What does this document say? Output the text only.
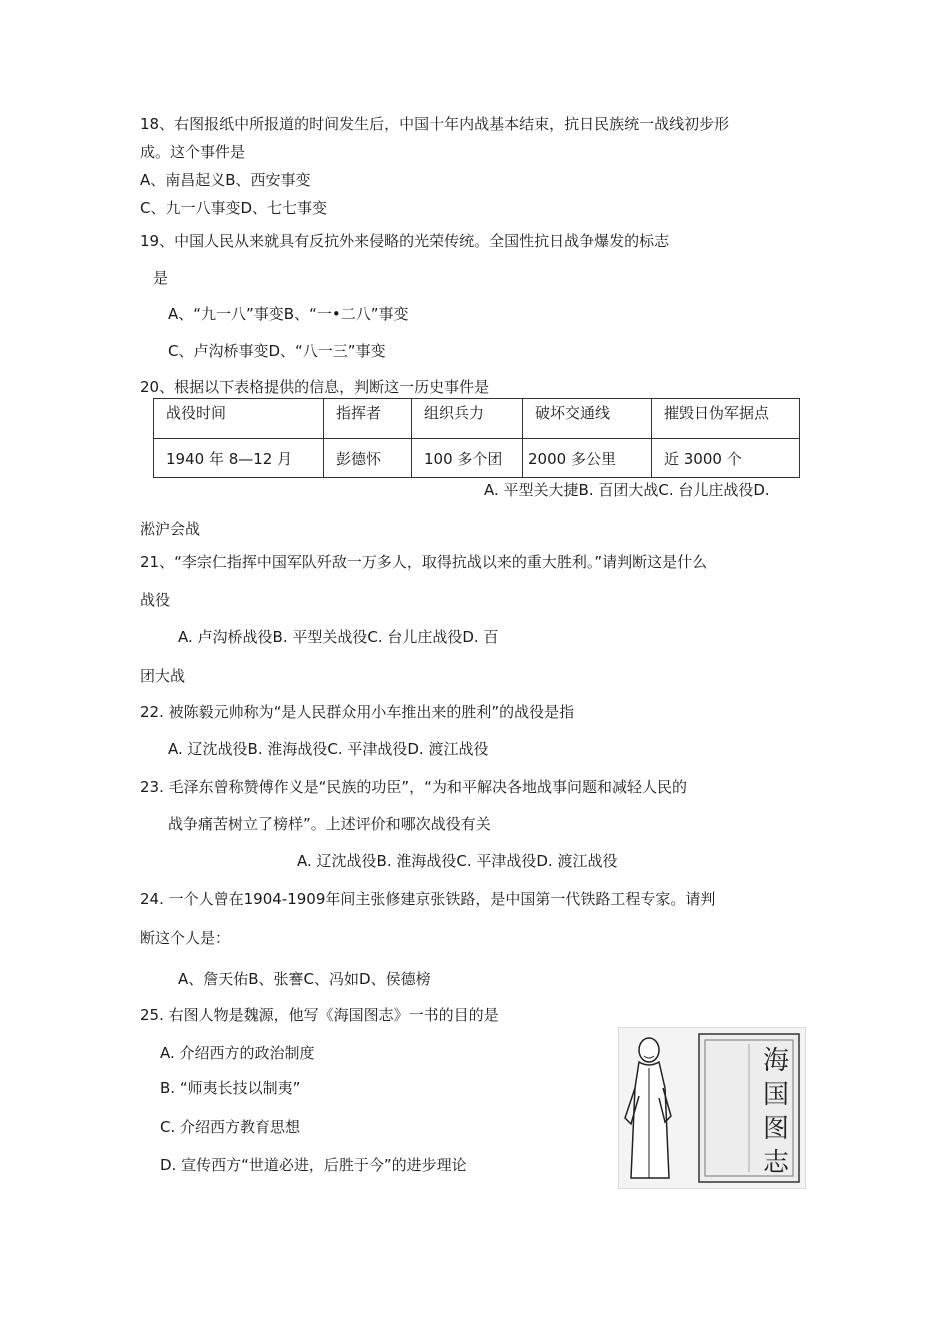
18、右图报纸中所报道的时间发生后，中国十年内战基本结束，抗日民族统一战线初步形
成。这个事件是
A、南昌起义B、西安事变
C、九一八事变D、七七事变
19、中国人民从来就具有反抗外来侵略的光荣传统。全国性抗日战争爆发的标志
是
A、“九一八”事变B、“一•二八”事变
C、卢沟桥事变D、“八一三”事变
20、根据以下表格提供的信息，判断这一历史事件是
战役时间	指挥者	组织兵力	破坏交通线	摧毁日伪军据点
1940 年 8—12 月	彭德怀	100 多个团	2000 多公里	近 3000 个
A. 平型关大捷B. 百团大战C. 台儿庄战役D.
淞沪会战
21、“李宗仁指挥中国军队歼敌一万多人，取得抗战以来的重大胜利。”请判断这是什么
战役
A. 卢沟桥战役B. 平型关战役C. 台儿庄战役D. 百
团大战
22. 被陈毅元帅称为“是人民群众用小车推出来的胜利”的战役是指
A. 辽沈战役B. 淮海战役C. 平津战役D. 渡江战役
23. 毛泽东曾称赞傅作义是“民族的功臣”，“为和平解决各地战事问题和减轻人民的
战争痛苦树立了榜样”。上述评价和哪次战役有关
A. 辽沈战役B. 淮海战役C. 平津战役D. 渡江战役
24. 一个人曾在1904-1909年间主张修建京张铁路，是中国第一代铁路工程专家。请判
断这个人是：
A、詹天佑B、张謇C、冯如D、侯德榜
25. 右图人物是魏源，他写《海国图志》一书的目的是
A. 介绍西方的政治制度
B. “师夷长技以制夷”
C. 介绍西方教育思想
D. 宣传西方“世道必进，后胜于今”的进步理论
海国图志
